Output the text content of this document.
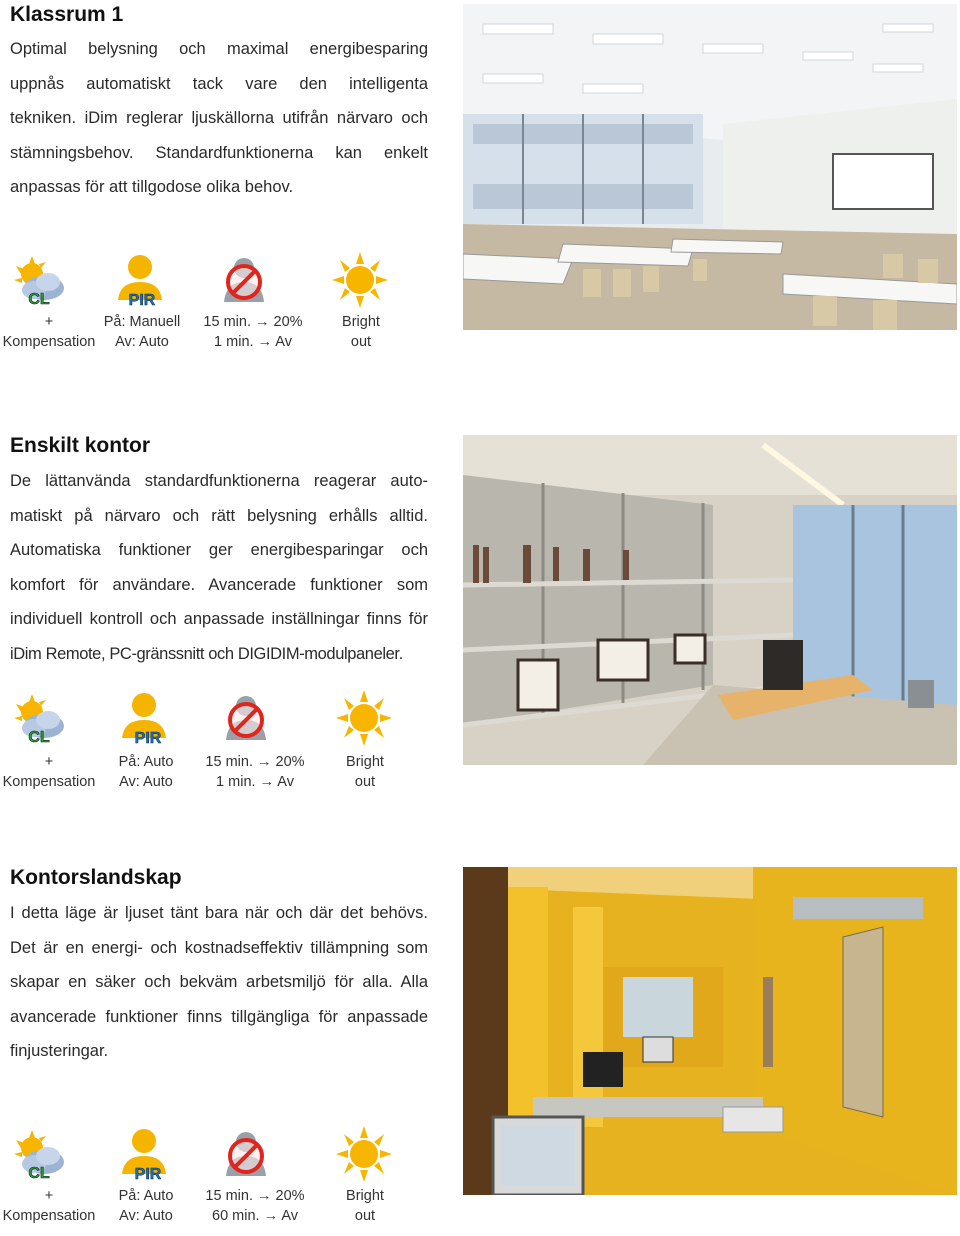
Klassrum 1

Optimal belysning och maximal energibesparing

uppnås automatiskt tack vare den intelligenta

tekniken. iDim reglerar ljuskällorna utifrån närvaro och

stämningsbehov. Standardfunktionerna kan enkelt

anpassas för att tillgodose olika behov.

CL	PIR
+
Kompensation
På: Manuell
Av: Auto
15 min. → 20%
1 min. → Av
Bright
out
Enskilt kontor

De lättanvända standardfunktionerna reagerar auto-

matiskt på närvaro och rätt belysning erhålls alltid.

Automatiska funktioner ger energibesparingar och

komfort för användare. Avancerade funktioner som

individuell kontroll och anpassade inställningar finns för

iDim Remote, PC-gränssnitt och DIGIDIM-modulpaneler.

CL	PIR
+
Kompensation
På: Auto
Av: Auto
15 min. → 20%
1 min. → Av
Bright
out
Kontorslandskap

I detta läge är ljuset tänt bara när och där det behövs.

Det är en energi- och kostnadseffektiv tillämpning som

skapar en säker och bekväm arbetsmiljö för alla. Alla

avancerade funktioner finns tillgängliga för anpassade

finjusteringar.

CL	PIR
+
Kompensation
På: Auto
Av: Auto
15 min. → 20%
60 min. → Av
Bright
out
